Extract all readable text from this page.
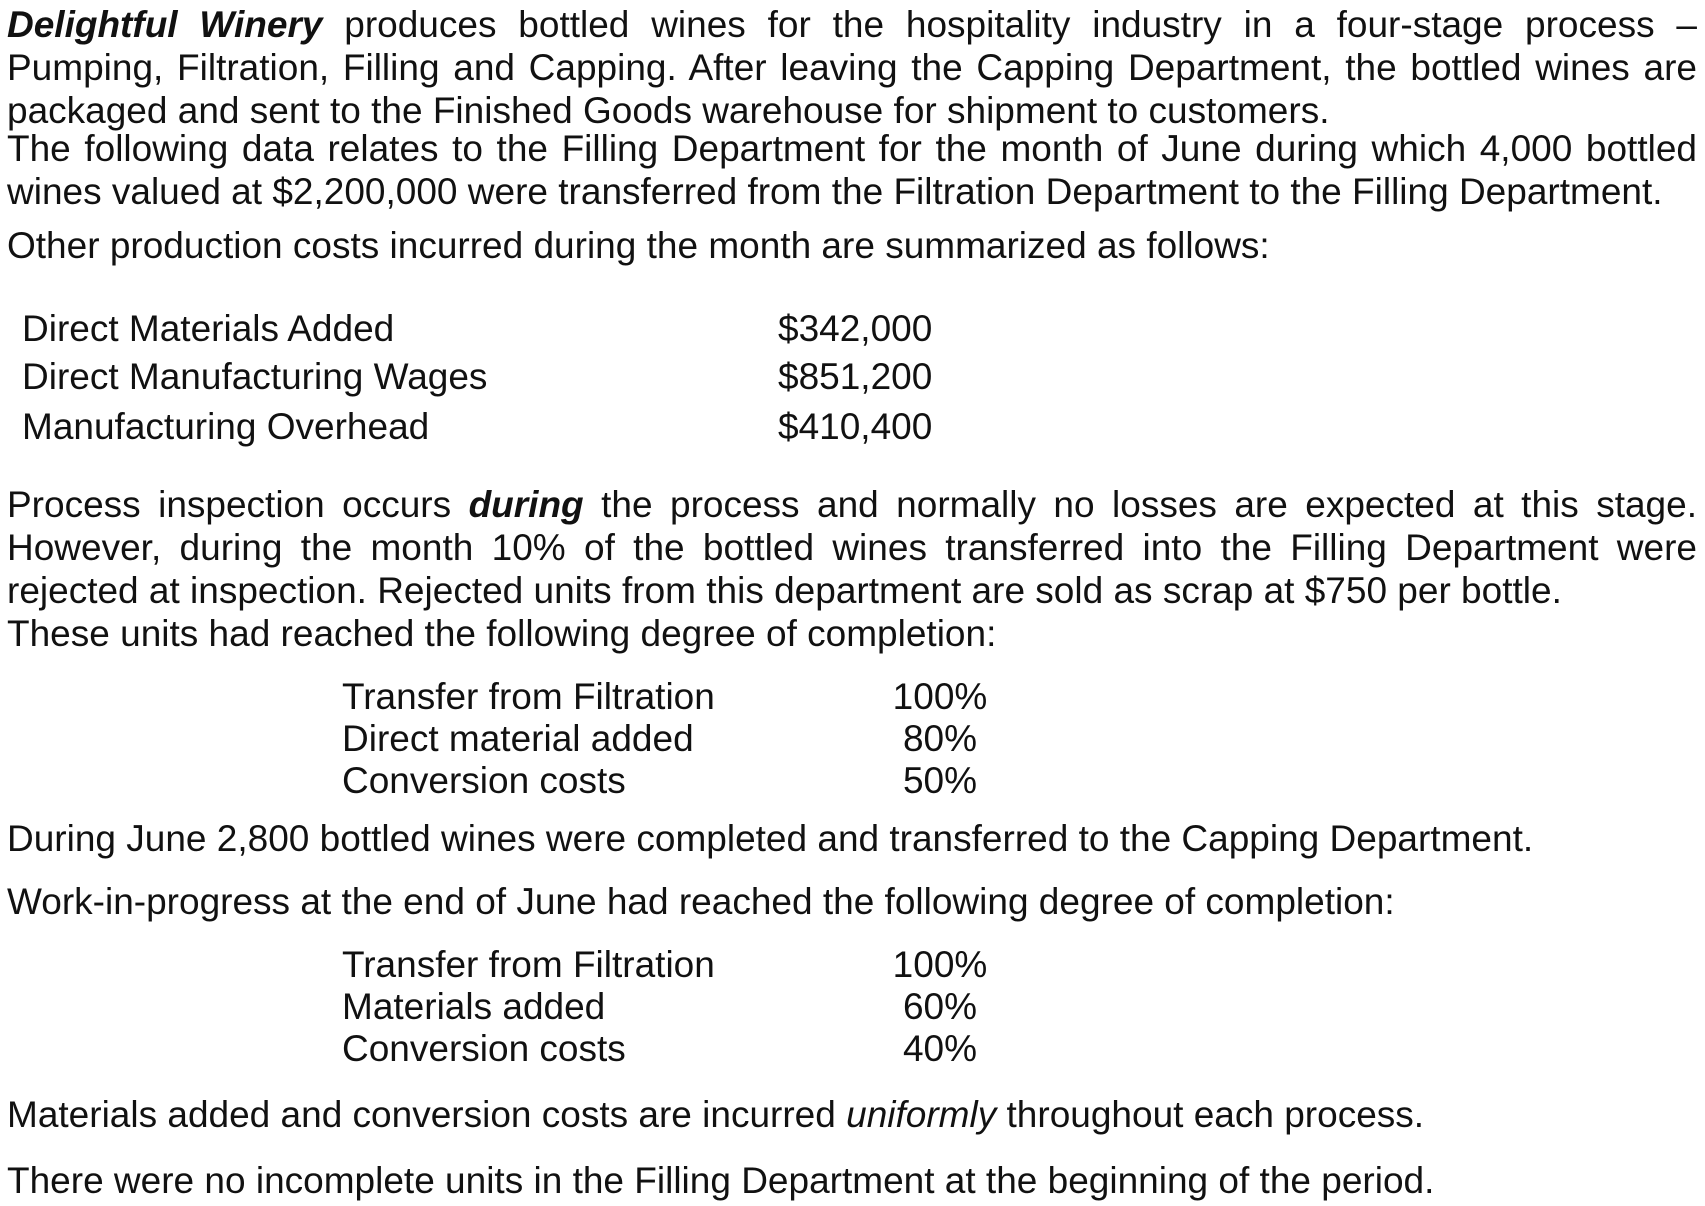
Delightful Winery produces bottled wines for the hospitality industry in a four-stage process – Pumping, Filtration, Filling and Capping. After leaving the Capping Department, the bottled wines are packaged and sent to the Finished Goods warehouse for shipment to customers.

The following data relates to the Filling Department for the month of June during which 4,000 bottled wines valued at $2,200,000 were transferred from the Filtration Department to the Filling Department.

Other production costs incurred during the month are summarized as follows:

Direct Materials Added	$342,000
Direct Manufacturing Wages	$851,200
Manufacturing Overhead	$410,400

Process inspection occurs during the process and normally no losses are expected at this stage. However, during the month 10% of the bottled wines transferred into the Filling Department were rejected at inspection. Rejected units from this department are sold as scrap at $750 per bottle.

These units had reached the following degree of completion:

Transfer from Filtration	100%
Direct material added	80%
Conversion costs	50%

During June 2,800 bottled wines were completed and transferred to the Capping Department.

Work-in-progress at the end of June had reached the following degree of completion:

Transfer from Filtration	100%
Materials added	60%
Conversion costs	40%

Materials added and conversion costs are incurred uniformly throughout each process.

There were no incomplete units in the Filling Department at the beginning of the period.
